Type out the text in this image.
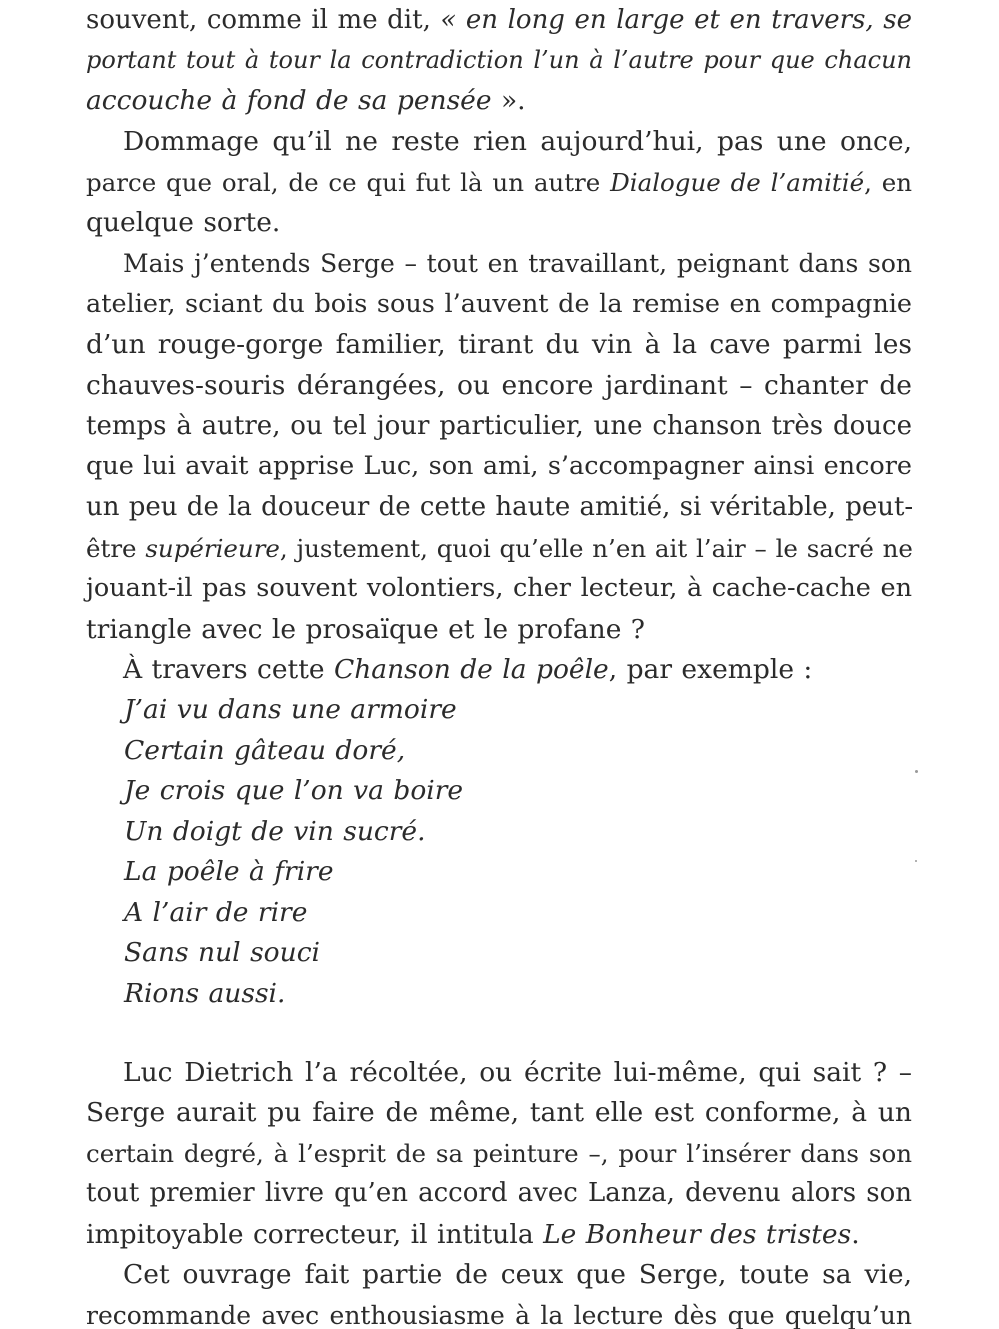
souvent, comme il me dit, « en long en large et en travers, se
portant tout à tour la contradiction l’un à l’autre pour que chacun
accouche à fond de sa pensée ».
Dommage qu’il ne reste rien aujourd’hui, pas une once,
parce que oral, de ce qui fut là un autre Dialogue de l’amitié, en
quelque sorte.
Mais j’entends Serge – tout en travaillant, peignant dans son
atelier, sciant du bois sous l’auvent de la remise en compagnie
d’un rouge-gorge familier, tirant du vin à la cave parmi les
chauves-souris dérangées, ou encore jardinant – chanter de
temps à autre, ou tel jour particulier, une chanson très douce
que lui avait apprise Luc, son ami, s’accompagner ainsi encore
un peu de la douceur de cette haute amitié, si véritable, peut-
être supérieure, justement, quoi qu’elle n’en ait l’air – le sacré ne
jouant-il pas souvent volontiers, cher lecteur, à cache-cache en
triangle avec le prosaïque et le profane ?
À travers cette Chanson de la poêle, par exemple :
J’ai vu dans une armoire
Certain gâteau doré,
Je crois que l’on va boire
Un doigt de vin sucré.
La poêle à frire
A l’air de rire
Sans nul souci
Rions aussi.
Luc Dietrich l’a récoltée, ou écrite lui-même, qui sait ? –
Serge aurait pu faire de même, tant elle est conforme, à un
certain degré, à l’esprit de sa peinture –, pour l’insérer dans son
tout premier livre qu’en accord avec Lanza, devenu alors son
impitoyable correcteur, il intitula Le Bonheur des tristes.
Cet ouvrage fait partie de ceux que Serge, toute sa vie,
recommande avec enthousiasme à la lecture dès que quelqu’un
